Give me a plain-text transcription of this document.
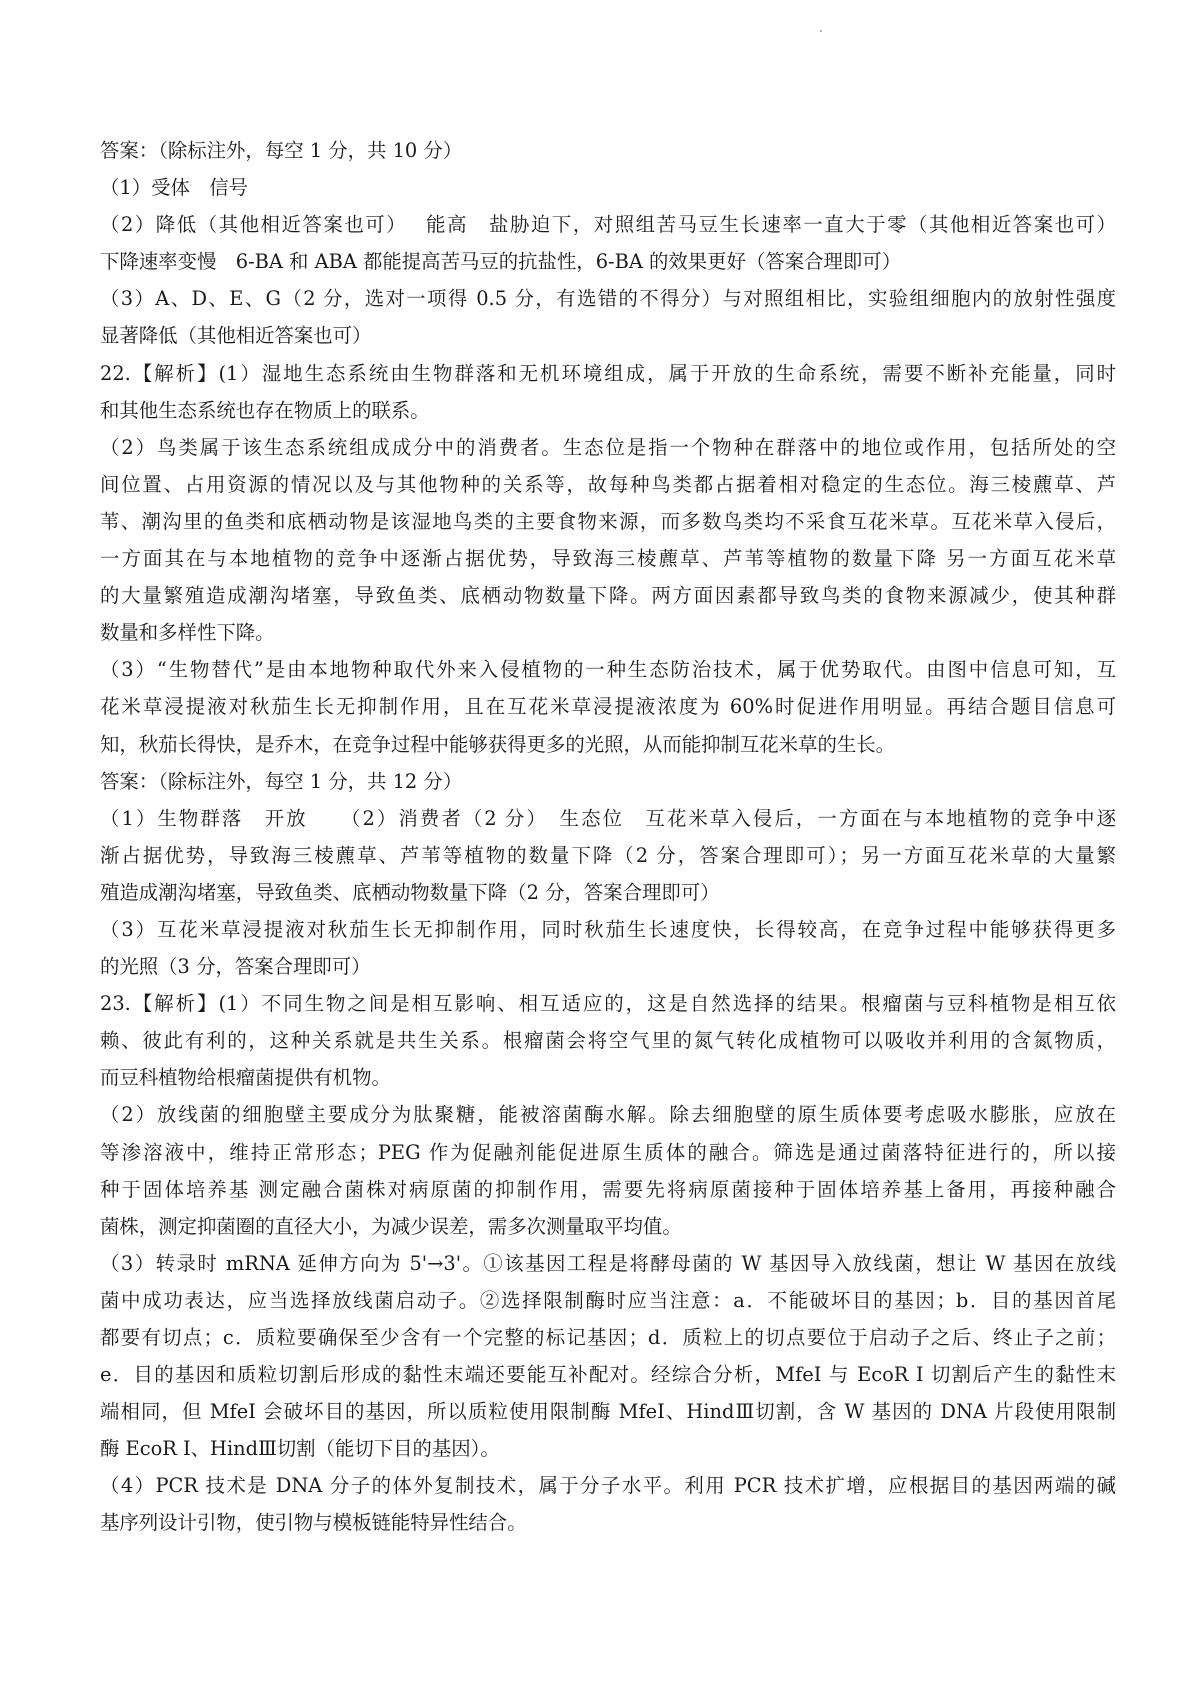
答案：（除标注外，每空 1 分，共 10 分）
（1）受体　信号
（2）降低（其他相近答案也可）　 能高　盐胁迫下，对照组苦马豆生长速率一直大于零（其他相近答案也可）
下降速率变慢　6-BA 和 ABA 都能提高苦马豆的抗盐性，6-BA 的效果更好（答案合理即可）
（3）A、D、E、G（2 分，选对一项得 0.5 分，有选错的不得分）与对照组相比，实验组细胞内的放射性强度
显著降低（其他相近答案也可）
22.【解析】(1）湿地生态系统由生物群落和无机环境组成，属于开放的生命系统，需要不断补充能量，同时
和其他生态系统也存在物质上的联系。
（2）鸟类属于该生态系统组成成分中的消费者。生态位是指一个物种在群落中的地位或作用，包括所处的空
间位置、占用资源的情况以及与其他物种的关系等，故每种鸟类都占据着相对稳定的生态位。海三棱藨草、芦
苇、潮沟里的鱼类和底栖动物是该湿地鸟类的主要食物来源，而多数鸟类均不采食互花米草。互花米草入侵后，
一方面其在与本地植物的竞争中逐渐占据优势，导致海三棱藨草、芦苇等植物的数量下降 另一方面互花米草
的大量繁殖造成潮沟堵塞，导致鱼类、底栖动物数量下降。两方面因素都导致鸟类的食物来源减少，使其种群
数量和多样性下降。
（3）“生物替代”是由本地物种取代外来入侵植物的一种生态防治技术，属于优势取代。由图中信息可知，互
花米草浸提液对秋茄生长无抑制作用，且在互花米草浸提液浓度为 60%时促进作用明显。再结合题目信息可
知，秋茄长得快，是乔木，在竞争过程中能够获得更多的光照，从而能抑制互花米草的生长。
答案：（除标注外，每空 1 分，共 12 分）
（1）生物群落　开放　　（2）消费者（2 分）　生态位　互花米草入侵后，一方面在与本地植物的竞争中逐
渐占据优势，导致海三棱藨草、芦苇等植物的数量下降（2 分，答案合理即可）；另一方面互花米草的大量繁
殖造成潮沟堵塞，导致鱼类、底栖动物数量下降（2 分，答案合理即可）
（3）互花米草浸提液对秋茄生长无抑制作用，同时秋茄生长速度快，长得较高，在竞争过程中能够获得更多
的光照（3 分，答案合理即可）
23.【解析】(1）不同生物之间是相互影响、相互适应的，这是自然选择的结果。根瘤菌与豆科植物是相互依
赖、彼此有利的，这种关系就是共生关系。根瘤菌会将空气里的氮气转化成植物可以吸收并利用的含氮物质，
而豆科植物给根瘤菌提供有机物。
（2）放线菌的细胞壁主要成分为肽聚糖，能被溶菌酶水解。除去细胞壁的原生质体要考虑吸水膨胀，应放在
等渗溶液中，维持正常形态；PEG 作为促融剂能促进原生质体的融合。筛选是通过菌落特征进行的，所以接
种于固体培养基 测定融合菌株对病原菌的抑制作用，需要先将病原菌接种于固体培养基上备用，再接种融合
菌株，测定抑菌圈的直径大小，为减少误差，需多次测量取平均值。
（3）转录时 mRNA 延伸方向为 5'→3'。①该基因工程是将酵母菌的 W 基因导入放线菌，想让 W 基因在放线
菌中成功表达，应当选择放线菌启动子。②选择限制酶时应当注意：a．不能破坏目的基因；b．目的基因首尾
都要有切点；c．质粒要确保至少含有一个完整的标记基因；d．质粒上的切点要位于启动子之后、终止子之前；
e．目的基因和质粒切割后形成的黏性末端还要能互补配对。经综合分析，MfeI 与 EcoR I 切割后产生的黏性末
端相同，但 MfeI 会破坏目的基因，所以质粒使用限制酶 MfeI、HindⅢ切割，含 W 基因的 DNA 片段使用限制
酶 EcoR I、HindⅢ切割（能切下目的基因）。
（4）PCR 技术是 DNA 分子的体外复制技术，属于分子水平。利用 PCR 技术扩增，应根据目的基因两端的碱
基序列设计引物，使引物与模板链能特异性结合。
